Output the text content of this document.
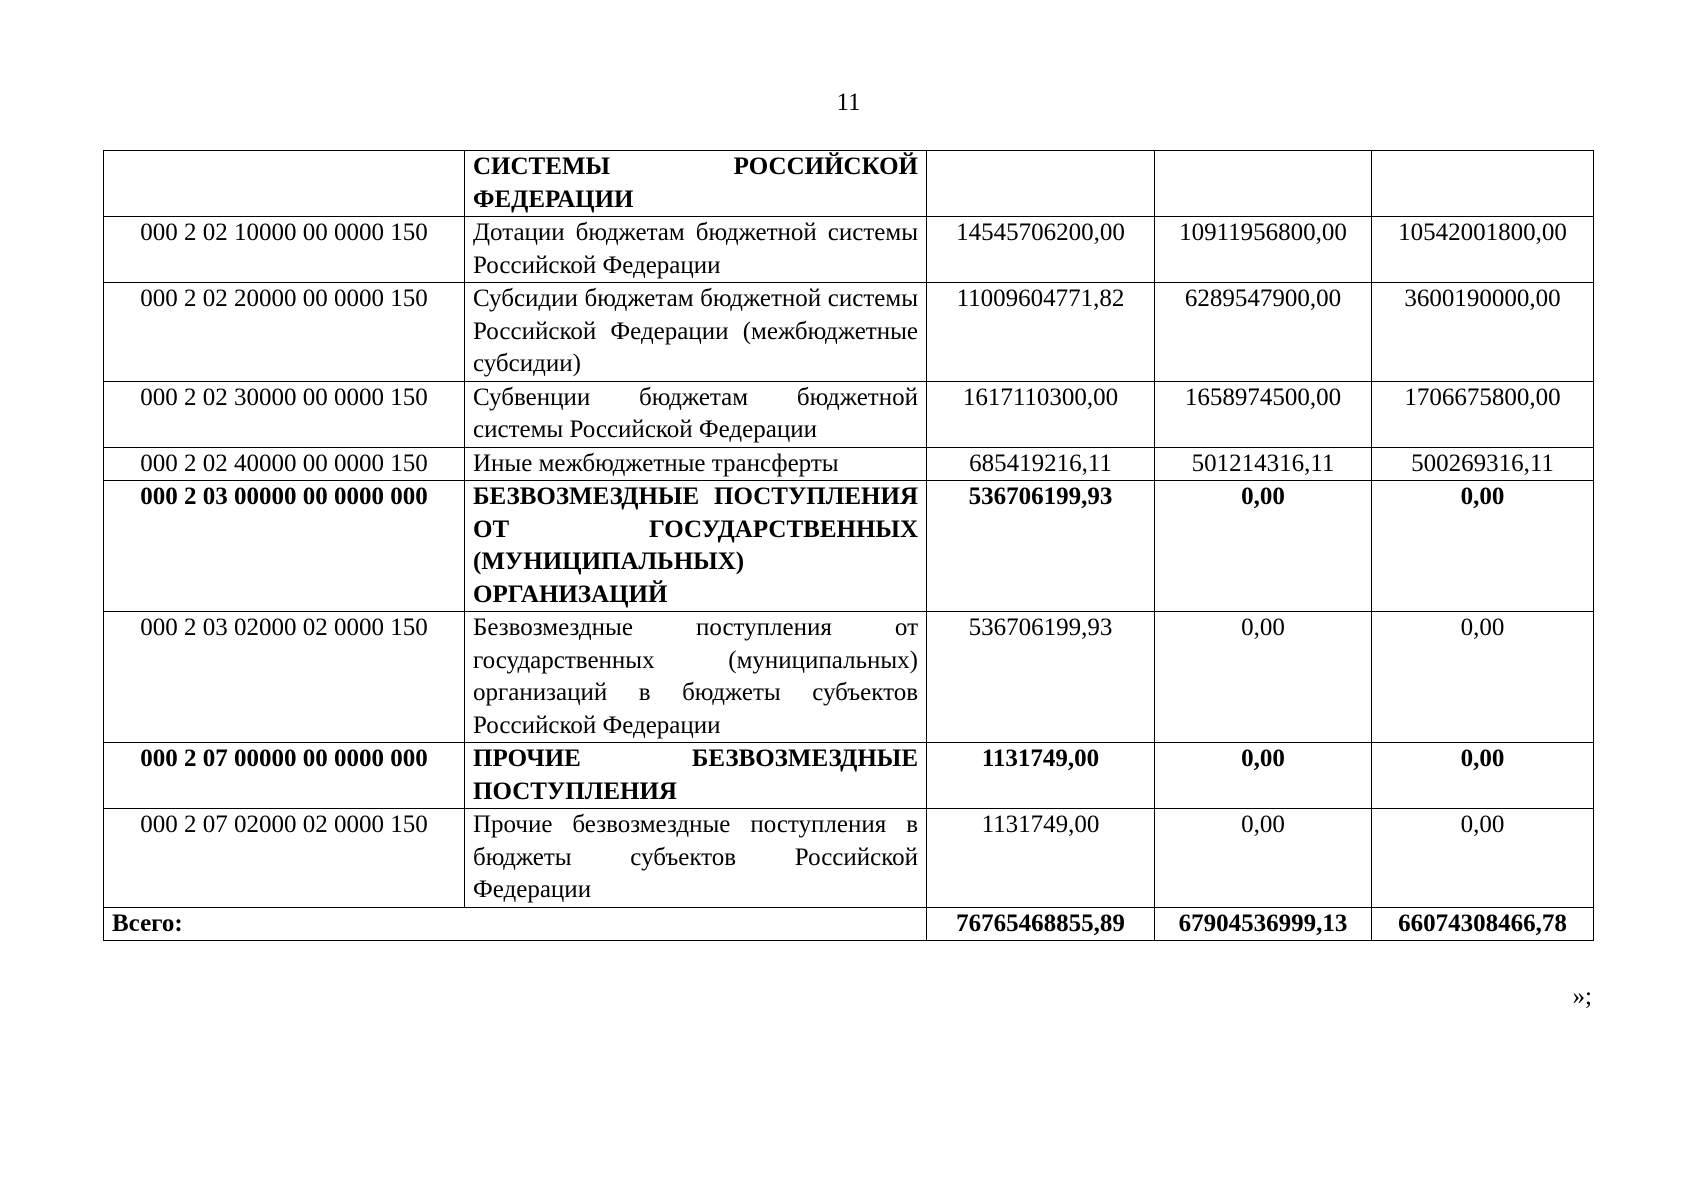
11
	СИСТЕМЫ РОССИЙСКОЙ ФЕДЕРАЦИИ			
000 2 02 10000 00 0000 150	Дотации бюджетам бюджетной системы Российской Федерации	14545706200,00	10911956800,00	10542001800,00
000 2 02 20000 00 0000 150	Субсидии бюджетам бюджетной системы Российской Федерации (межбюджетные субсидии)	11009604771,82	6289547900,00	3600190000,00
000 2 02 30000 00 0000 150	Субвенции бюджетам бюджетной системы Российской Федерации	1617110300,00	1658974500,00	1706675800,00
000 2 02 40000 00 0000 150	Иные межбюджетные трансферты	685419216,11	501214316,11	500269316,11
000 2 03 00000 00 0000 000	БЕЗВОЗМЕЗДНЫЕ ПОСТУПЛЕНИЯ ОТ ГОСУДАРСТВЕННЫХ (МУНИЦИПАЛЬНЫХ) ОРГАНИЗАЦИЙ	536706199,93	0,00	0,00
000 2 03 02000 02 0000 150	Безвозмездные поступления от государственных (муниципальных) организаций в бюджеты субъектов Российской Федерации	536706199,93	0,00	0,00
000 2 07 00000 00 0000 000	ПРОЧИЕ БЕЗВОЗМЕЗДНЫЕ ПОСТУПЛЕНИЯ	1131749,00	0,00	0,00
000 2 07 02000 02 0000 150	Прочие безвозмездные поступления в бюджеты субъектов Российской Федерации	1131749,00	0,00	0,00
Всего:		76765468855,89	67904536999,13	66074308466,78
»;
